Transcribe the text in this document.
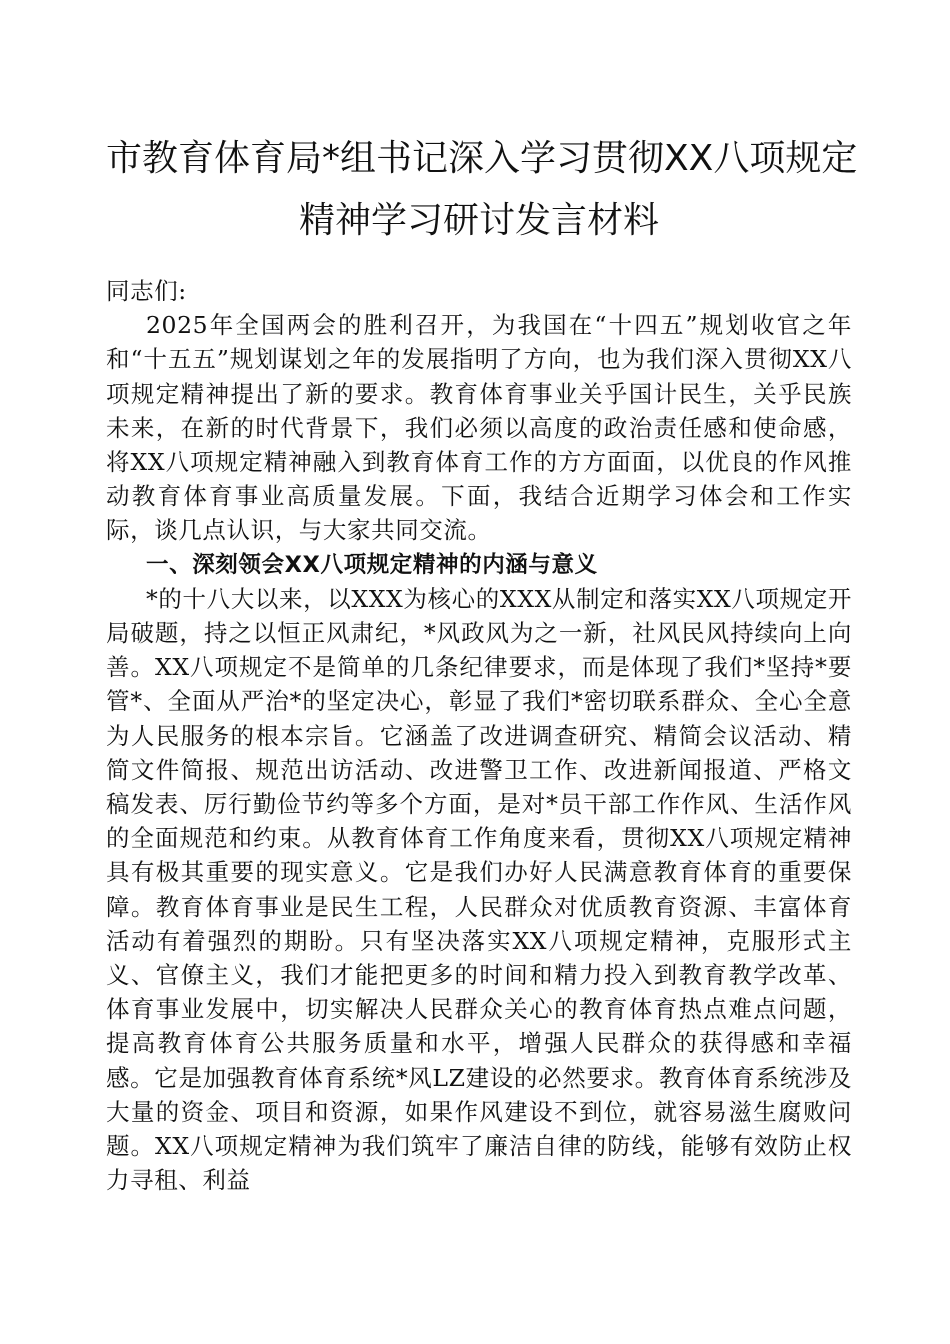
市教育体育局*组书记深入学习贯彻XX八项规定
精神学习研讨发言材料

同志们:

2025年全国两会的胜利召开，为我国在“十四五”规划收官之年和“十五五”规划谋划之年的发展指明了方向，也为我们深入贯彻XX八项规定精神提出了新的要求。教育体育事业关乎国计民生，关乎民族未来，在新的时代背景下，我们必须以高度的政治责任感和使命感，将XX八项规定精神融入到教育体育工作的方方面面，以优良的作风推动教育体育事业高质量发展。下面，我结合近期学习体会和工作实际，谈几点认识，与大家共同交流。

一、深刻领会XX八项规定精神的内涵与意义

*的十八大以来，以XXX为核心的XXX从制定和落实XX八项规定开局破题，持之以恒正风肃纪，*风政风为之一新，社风民风持续向上向善。XX八项规定不是简单的几条纪律要求，而是体现了我们*坚持*要管*、全面从严治*的坚定决心，彰显了我们*密切联系群众、全心全意为人民服务的根本宗旨。它涵盖了改进调查研究、精简会议活动、精简文件简报、规范出访活动、改进警卫工作、改进新闻报道、严格文稿发表、厉行勤俭节约等多个方面，是对*员干部工作作风、生活作风的全面规范和约束。从教育体育工作角度来看，贯彻XX八项规定精神具有极其重要的现实意义。它是我们办好人民满意教育体育的重要保障。教育体育事业是民生工程，人民群众对优质教育资源、丰富体育活动有着强烈的期盼。只有坚决落实XX八项规定精神，克服形式主义、官僚主义，我们才能把更多的时间和精力投入到教育教学改革、体育事业发展中，切实解决人民群众关心的教育体育热点难点问题，提高教育体育公共服务质量和水平，增强人民群众的获得感和幸福感。它是加强教育体育系统*风LZ建设的必然要求。教育体育系统涉及大量的资金、项目和资源，如果作风建设不到位，就容易滋生腐败问题。XX八项规定精神为我们筑牢了廉洁自律的防线，能够有效防止权力寻租、利益
